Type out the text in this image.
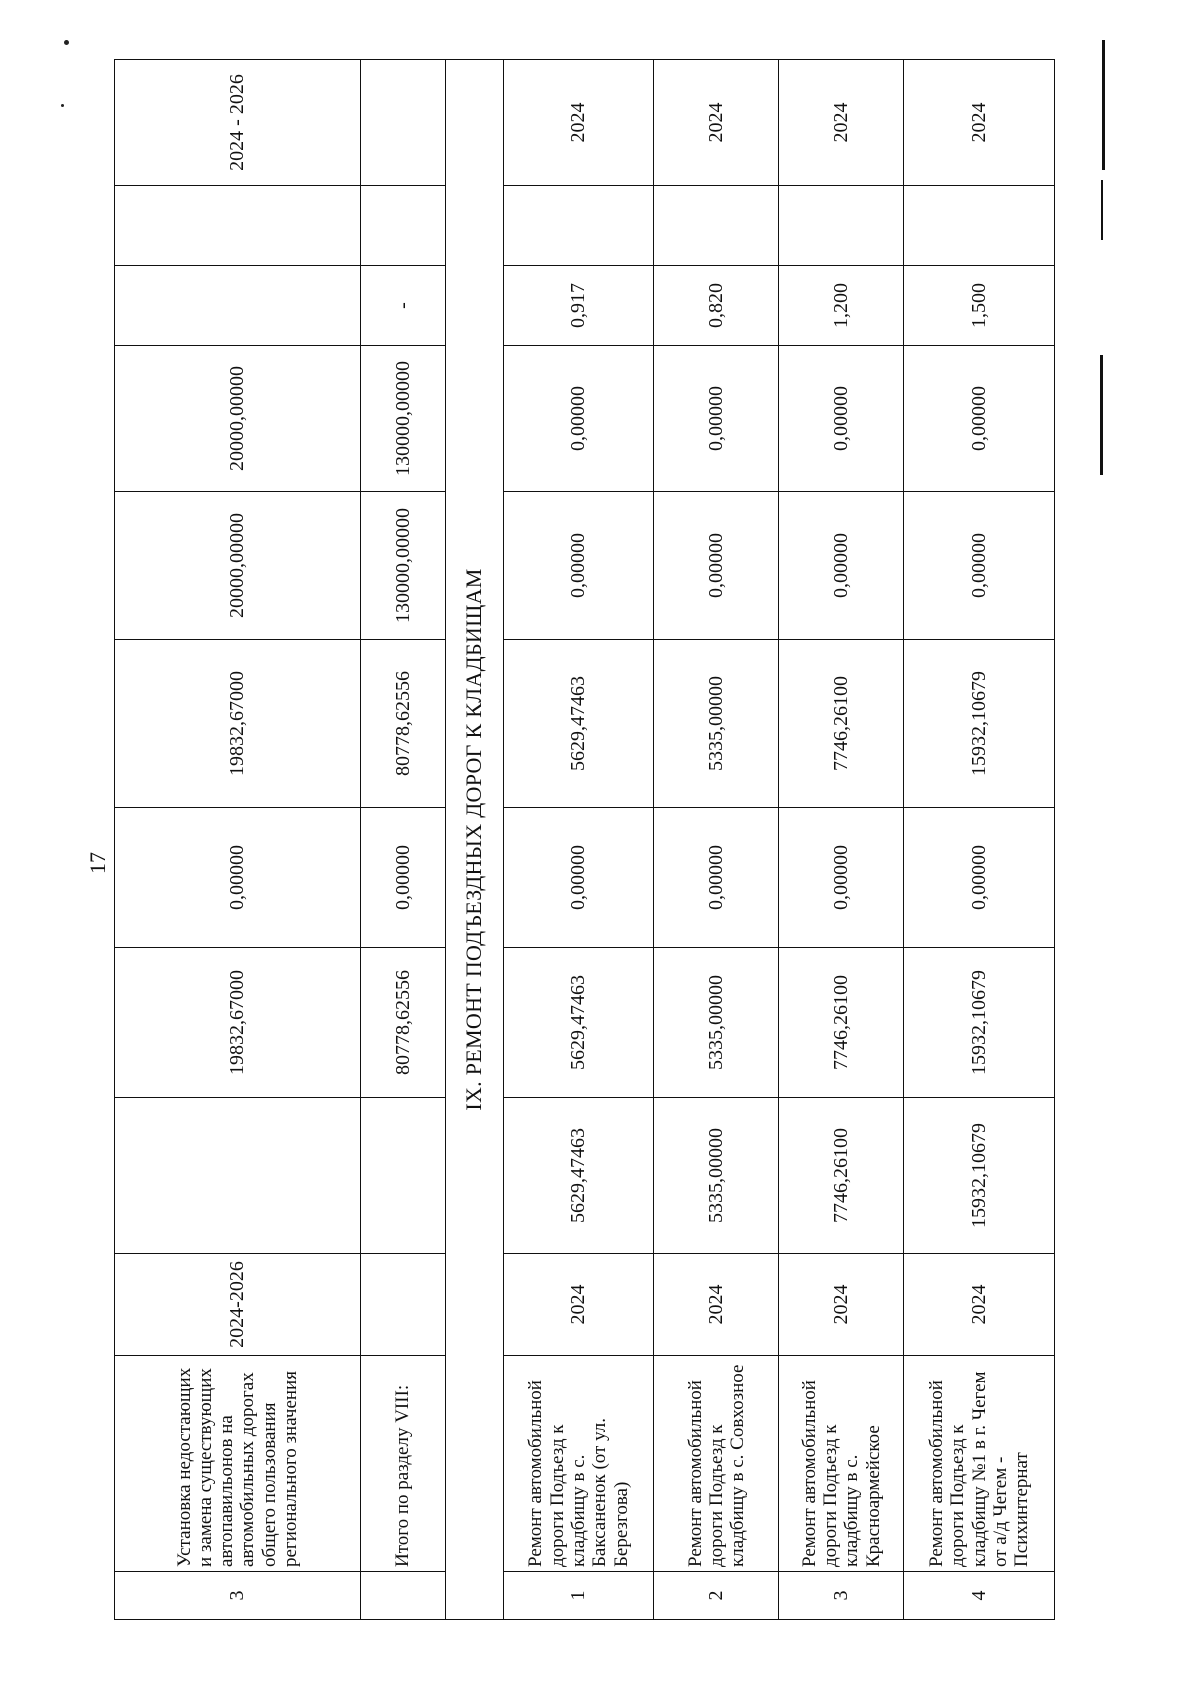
17
3	Установка недостающих и замена существующих автопавильонов на автомобильных дорогах общего пользования регионального значения	2024-2026		19832,67000	0,00000	19832,67000	20000,00000	20000,00000			2024 - 2026
	Итого по разделу VIII:			80778,62556	0,00000	80778,62556	130000,00000	130000,00000	-		
IX. РЕМОНТ ПОДЪЕЗДНЫХ ДОРОГ К КЛАДБИЩАМ											
1	Ремонт автомобильной дороги Подъезд к кладбищу в с. Баксаненок (от ул. Березгова)	2024	5629,47463	5629,47463	0,00000	5629,47463	0,00000	0,00000	0,917		2024
2	Ремонт автомобильной дороги Подъезд к кладбищу в с. Совхозное	2024	5335,00000	5335,00000	0,00000	5335,00000	0,00000	0,00000	0,820		2024
3	Ремонт автомобильной дороги Подъезд к кладбищу в с. Красноармейское	2024	7746,26100	7746,26100	0,00000	7746,26100	0,00000	0,00000	1,200		2024
4	Ремонт автомобильной дороги Подъезд к кладбищу №1 в г. Чегем от а/д Чегем - Психинтернат	2024	15932,10679	15932,10679	0,00000	15932,10679	0,00000	0,00000	1,500		2024
